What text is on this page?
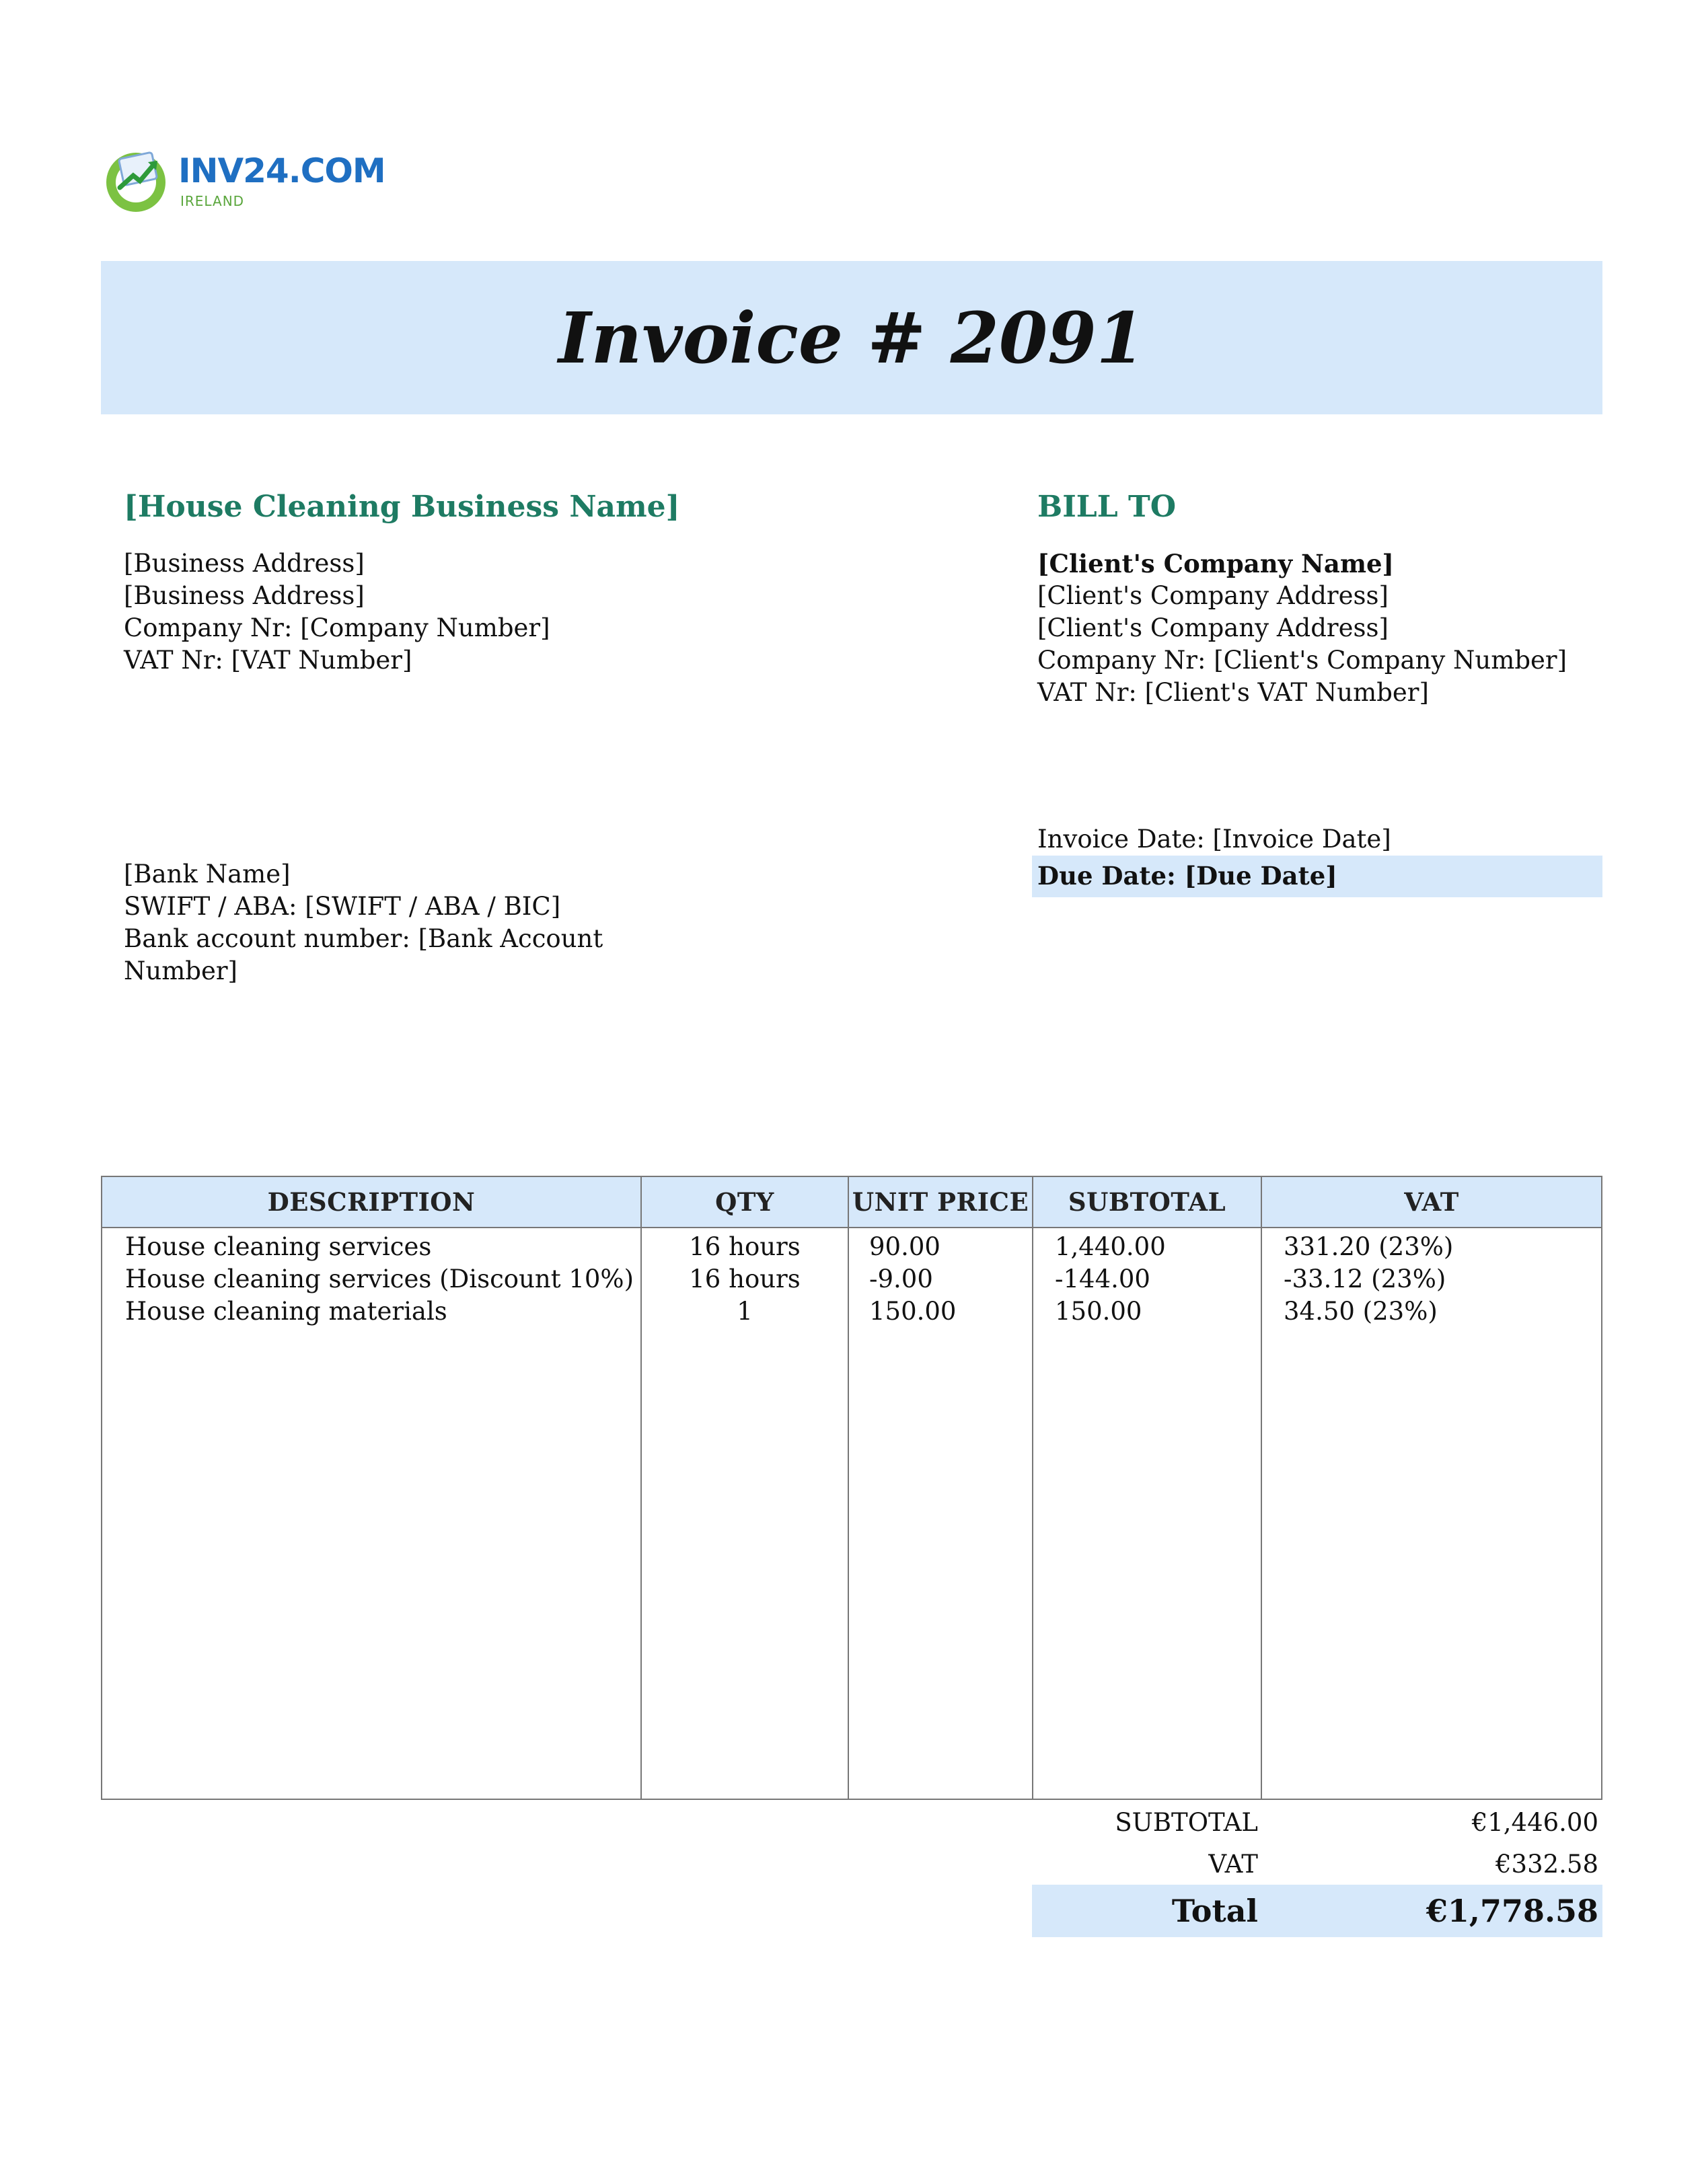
INV24.COM
IRELAND
Invoice # 2091
[House Cleaning Business Name]
[Business Address]
[Business Address]
Company Nr: [Company Number]
VAT Nr: [VAT Number]
BILL TO
[Client's Company Name]
[Client's Company Address]
[Client's Company Address]
Company Nr: [Client's Company Number]
VAT Nr: [Client's VAT Number]
[Bank Name]
SWIFT / ABA: [SWIFT / ABA / BIC]
Bank account number: [Bank Account Number]
Invoice Date: [Invoice Date]
Due Date: [Due Date]
DESCRIPTION	QTY	UNIT PRICE	SUBTOTAL	VAT
House cleaning services	16 hours	90.00	1,440.00	331.20 (23%)
House cleaning services (Discount 10%)	16 hours	-9.00	-144.00	-33.12 (23%)
House cleaning materials	1	150.00	150.00	34.50 (23%)
SUBTOTAL	€1,446.00
VAT	€332.58
Total	€1,778.58
